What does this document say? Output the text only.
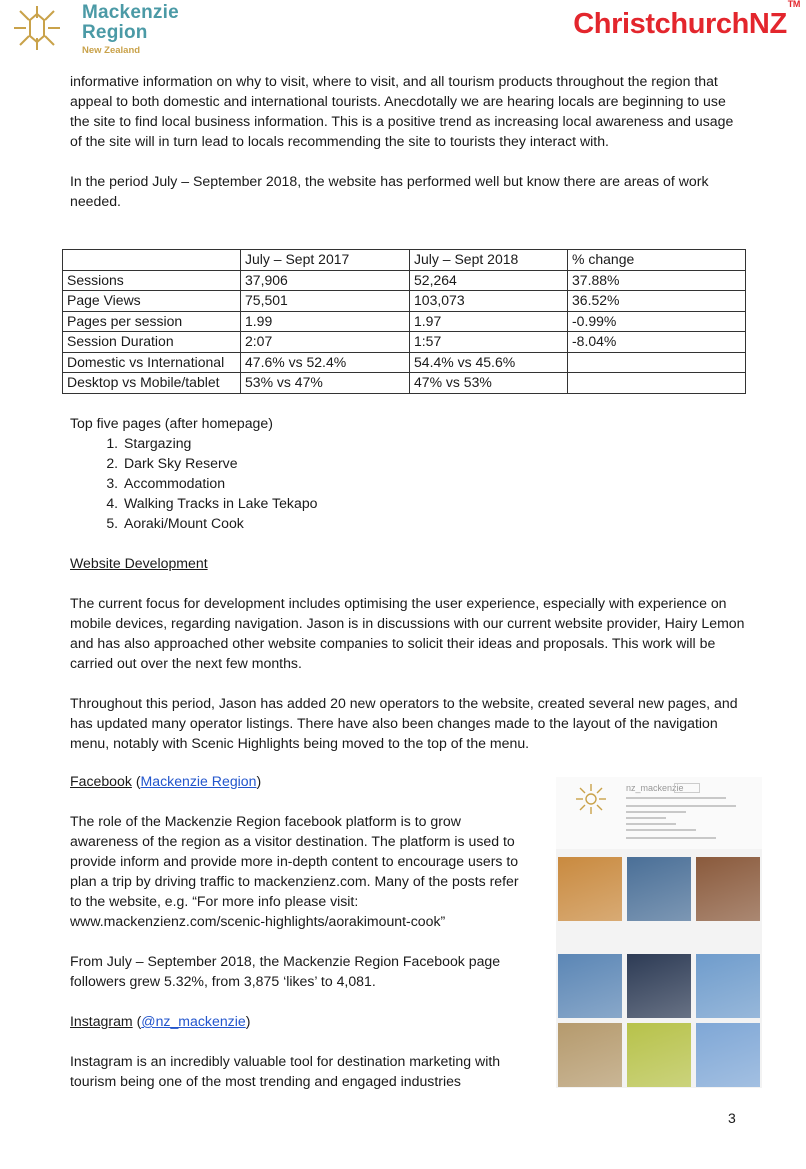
Mackenzie
Region
New Zealand
ChristchurchNZ™

informative information on why to visit, where to visit, and all tourism products throughout the region that appeal to both domestic and international tourists. Anecdotally we are hearing locals are beginning to use the site to find local business information. This is a positive trend as increasing local awareness and usage of the site will in turn lead to locals recommending the site to tourists they interact with.

In the period July – September 2018, the website has performed well but know there are areas of work needed.

	July – Sept 2017	July – Sept 2018	% change
Sessions	37,906	52,264	37.88%
Page Views	75,501	103,073	36.52%
Pages per session	1.99	1.97	-0.99%
Session Duration	2:07	1:57	-8.04%
Domestic vs International	47.6% vs 52.4%	54.4% vs 45.6%	
Desktop vs Mobile/tablet	53% vs 47%	47% vs 53%	

Top five pages (after homepage)

1. Stargazing
2. Dark Sky Reserve
3. Accommodation
4. Walking Tracks in Lake Tekapo
5. Aoraki/Mount Cook

Website Development

The current focus for development includes optimising the user experience, especially with experience on mobile devices, regarding navigation. Jason is in discussions with our current website provider, Hairy Lemon and has also approached other website companies to solicit their ideas and proposals. This work will be carried out over the next few months.

Throughout this period, Jason has added 20 new operators to the website, created several new pages, and has updated many operator listings. There have also been changes made to the layout of the navigation menu, notably with Scenic Highlights being moved to the top of the menu.

Facebook (Mackenzie Region)

The role of the Mackenzie Region facebook platform is to grow awareness of the region as a visitor destination. The platform is used to provide inform and provide more in-depth content to encourage users to plan a trip by driving traffic to mackenzienz.com. Many of the posts refer to the website, e.g. “For more info please visit: www.mackenzienz.com/scenic-highlights/aorakimount-cook”

From July – September 2018, the Mackenzie Region Facebook page followers grew 5.32%, from 3,875 ‘likes’ to 4,081.

Instagram (@nz_mackenzie)

Instagram is an incredibly valuable tool for destination marketing with tourism being one of the most trending and engaged industries

nz_mackenzie
3
